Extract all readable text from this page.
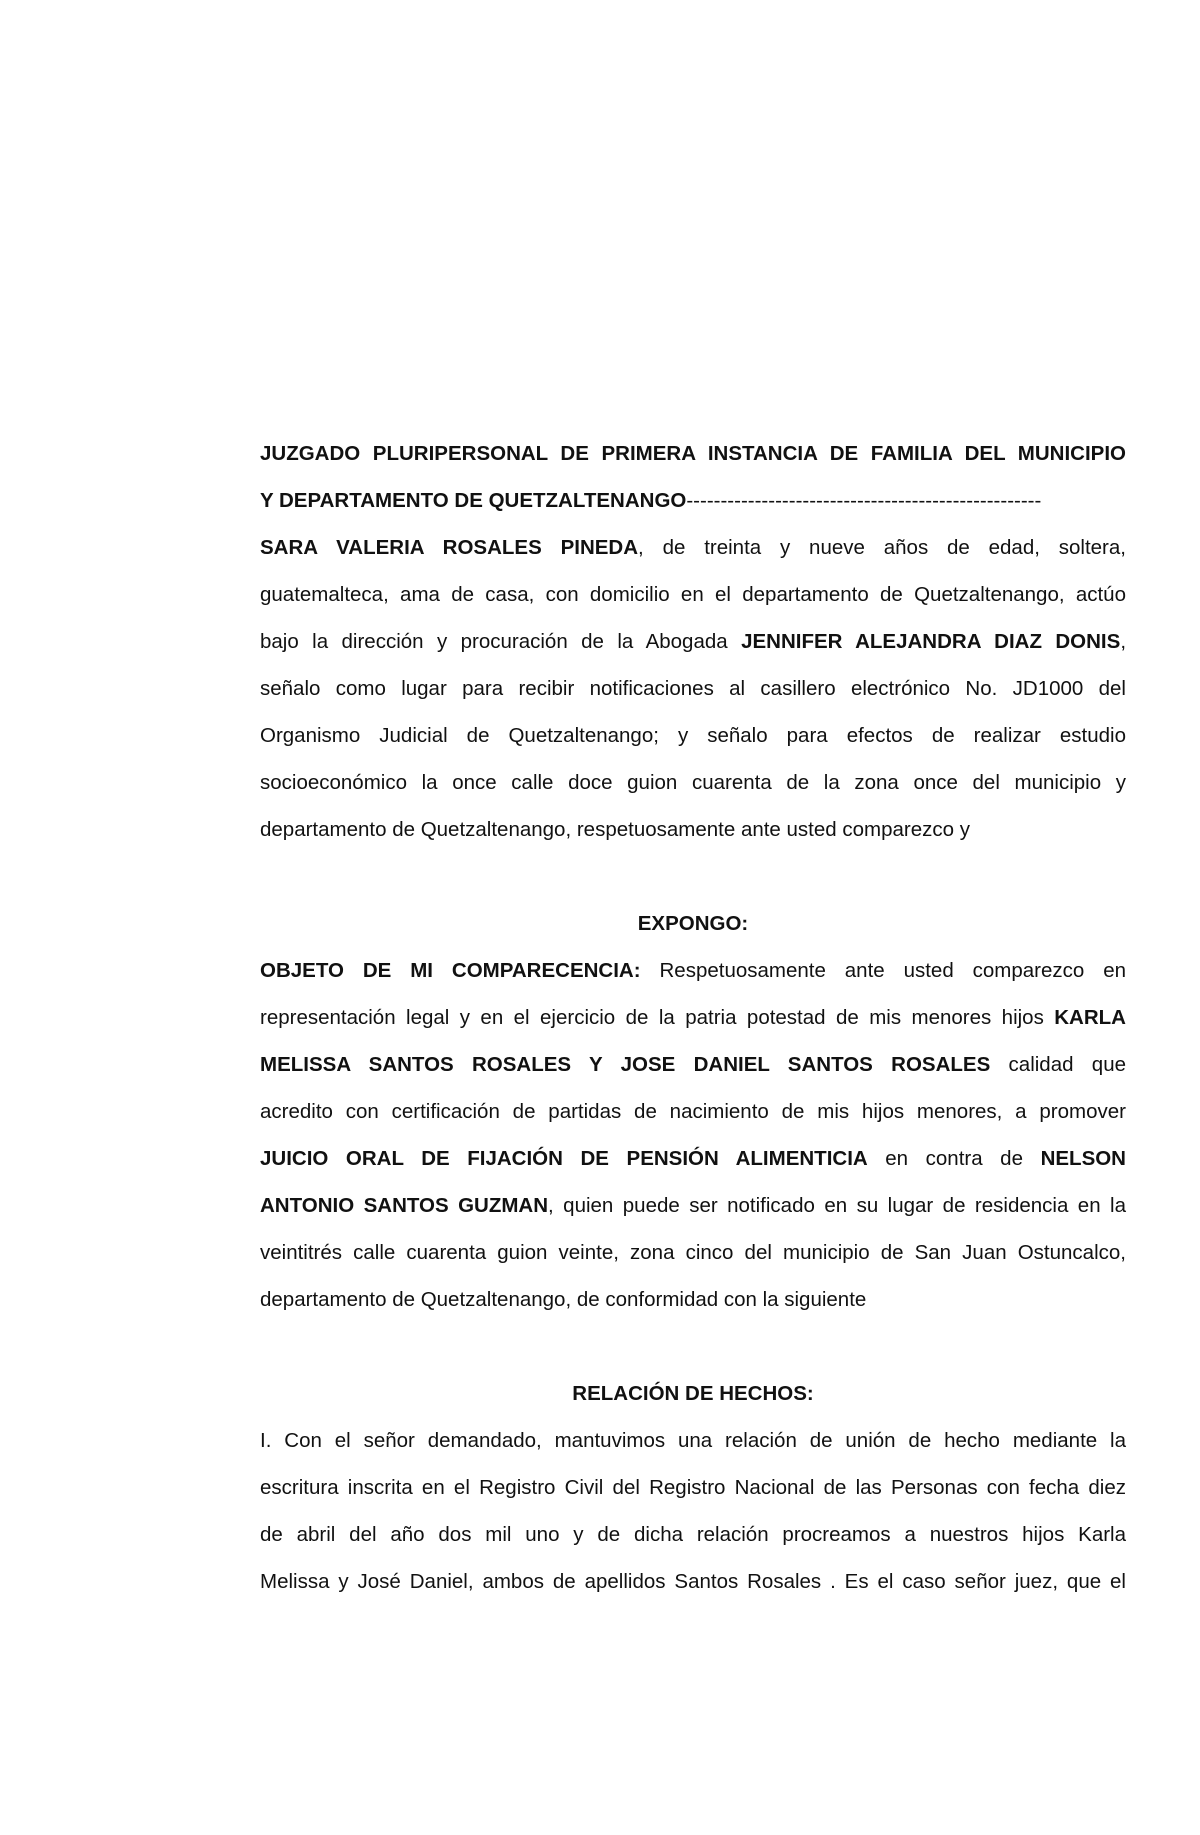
JUZGADO PLURIPERSONAL DE PRIMERA INSTANCIA DE FAMILIA DEL MUNICIPIO
Y DEPARTAMENTO DE QUETZALTENANGO----------------------------------------------------
SARA VALERIA ROSALES PINEDA, de treinta y nueve años de edad, soltera,
guatemalteca, ama de casa, con domicilio en el departamento de Quetzaltenango, actúo
bajo la dirección y procuración de la Abogada JENNIFER ALEJANDRA DIAZ DONIS,
señalo como lugar para recibir notificaciones al casillero electrónico No. JD1000 del
Organismo Judicial de Quetzaltenango; y señalo para efectos de realizar estudio
socioeconómico la once calle doce guion cuarenta de la zona once del municipio y
departamento de Quetzaltenango, respetuosamente ante usted comparezco y
EXPONGO:
OBJETO DE MI COMPARECENCIA: Respetuosamente ante usted comparezco en
representación legal y en el ejercicio de la patria potestad de mis menores hijos KARLA
MELISSA SANTOS ROSALES Y JOSE DANIEL SANTOS ROSALES calidad que
acredito con certificación de partidas de nacimiento de mis hijos menores, a promover
JUICIO ORAL DE FIJACIÓN DE PENSIÓN ALIMENTICIA en contra de NELSON
ANTONIO SANTOS GUZMAN, quien puede ser notificado en su lugar de residencia en la
veintitrés calle cuarenta guion veinte, zona cinco del municipio de San Juan Ostuncalco,
departamento de Quetzaltenango, de conformidad con la siguiente
RELACIÓN DE HECHOS:
I. Con el señor demandado, mantuvimos una relación de unión de hecho mediante la
escritura inscrita en el Registro Civil del Registro Nacional de las Personas con fecha diez
de abril del año dos mil uno y de dicha relación procreamos a nuestros hijos Karla
Melissa y José Daniel, ambos de apellidos Santos Rosales . Es el caso señor juez, que el
